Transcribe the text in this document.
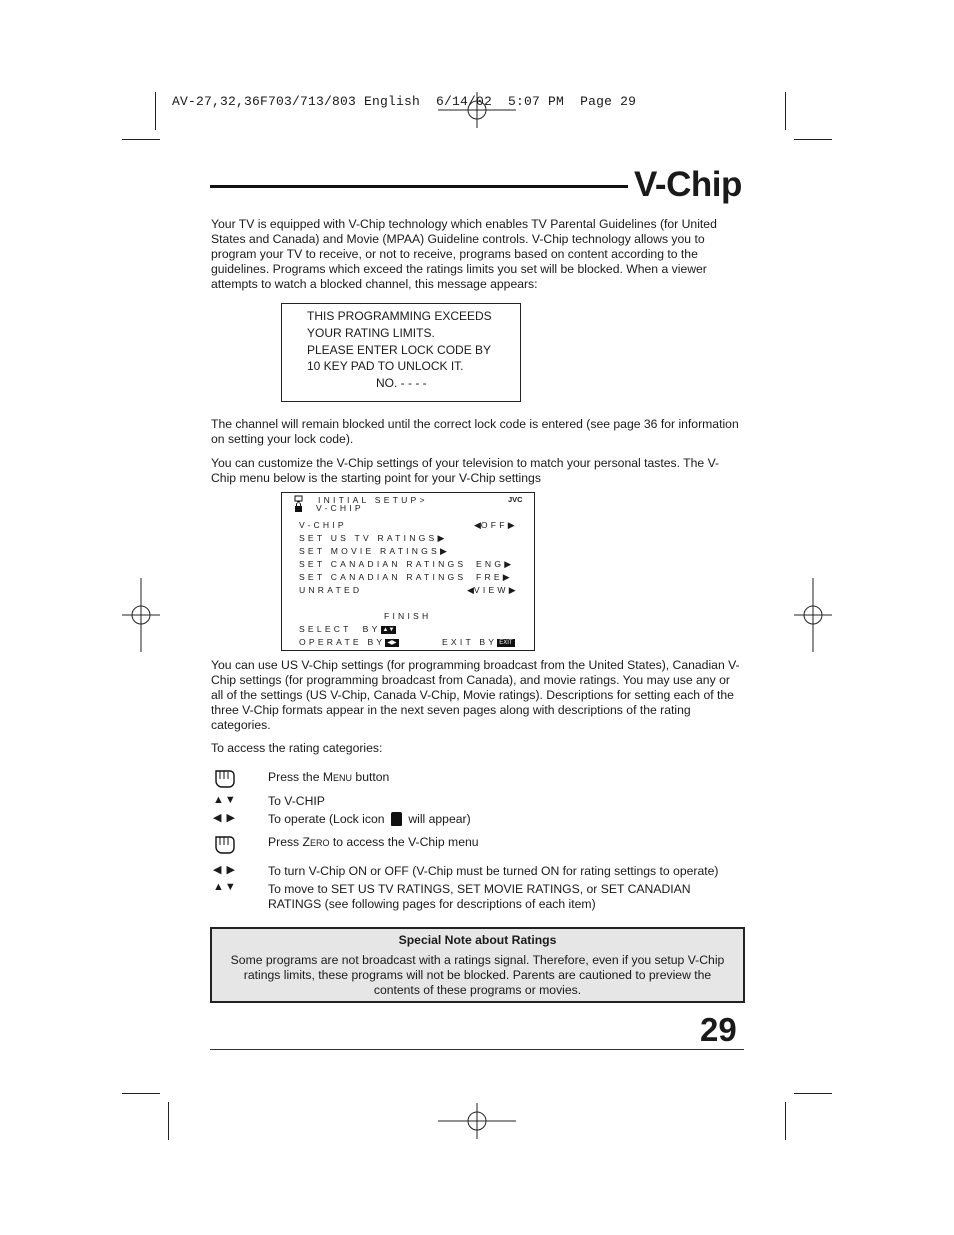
AV-27,32,36F703/713/803 English  6/14/02  5:07 PM  Page 29
V-Chip
Your TV is equipped with V-Chip technology which enables TV Parental Guidelines (for United States and Canada) and Movie (MPAA) Guideline controls. V-Chip technology allows you to program your TV to receive, or not to receive, programs based on content according to the guidelines. Programs which exceed the ratings limits you set will be blocked. When a viewer attempts to watch a blocked channel, this message appears:
THIS PROGRAMMING EXCEEDS
YOUR RATING LIMITS.
PLEASE ENTER LOCK CODE BY
10 KEY PAD TO UNLOCK IT.
NO. - - - -
The channel will remain blocked until the correct lock code is entered (see page 36 for information on setting your lock code).
You can customize the V-Chip settings of your television to match your personal tastes. The V-Chip menu below is the starting point for your V-Chip settings
INITIAL SETUP>
V-CHIP
JVC
V-CHIP	◀OFF▶
SET US TV RATINGS▶
SET MOVIE RATINGS▶
SET CANADIAN RATINGS ENG▶
SET CANADIAN RATINGS FRE▶
UNRATED	◀VIEW▶
FINISH
SELECT BY ▲▼
OPERATE BY ◀▶	EXIT BY EXIT
You can use US V-Chip settings (for programming broadcast from the United States), Canadian V-Chip settings (for programming broadcast from Canada), and movie ratings. You may use any or all of the settings (US V-Chip, Canada V-Chip, Movie ratings). Descriptions for setting each of the three V-Chip formats appear in the next seven pages along with descriptions of the rating categories.
To access the rating categories:
Press the MENU button
▲▼	To V-CHIP
◀ ▶	To operate (Lock icon will appear)
Press ZERO to access the V-Chip menu
◀ ▶	To turn V-Chip ON or OFF (V-Chip must be turned ON for rating settings to operate)
▲▼	To move to SET US TV RATINGS, SET MOVIE RATINGS, or SET CANADIAN RATINGS (see following pages for descriptions of each item)
Special Note about Ratings
Some programs are not broadcast with a ratings signal. Therefore, even if you setup V-Chip ratings limits, these programs will not be blocked. Parents are cautioned to preview the contents of these programs or movies.
29
